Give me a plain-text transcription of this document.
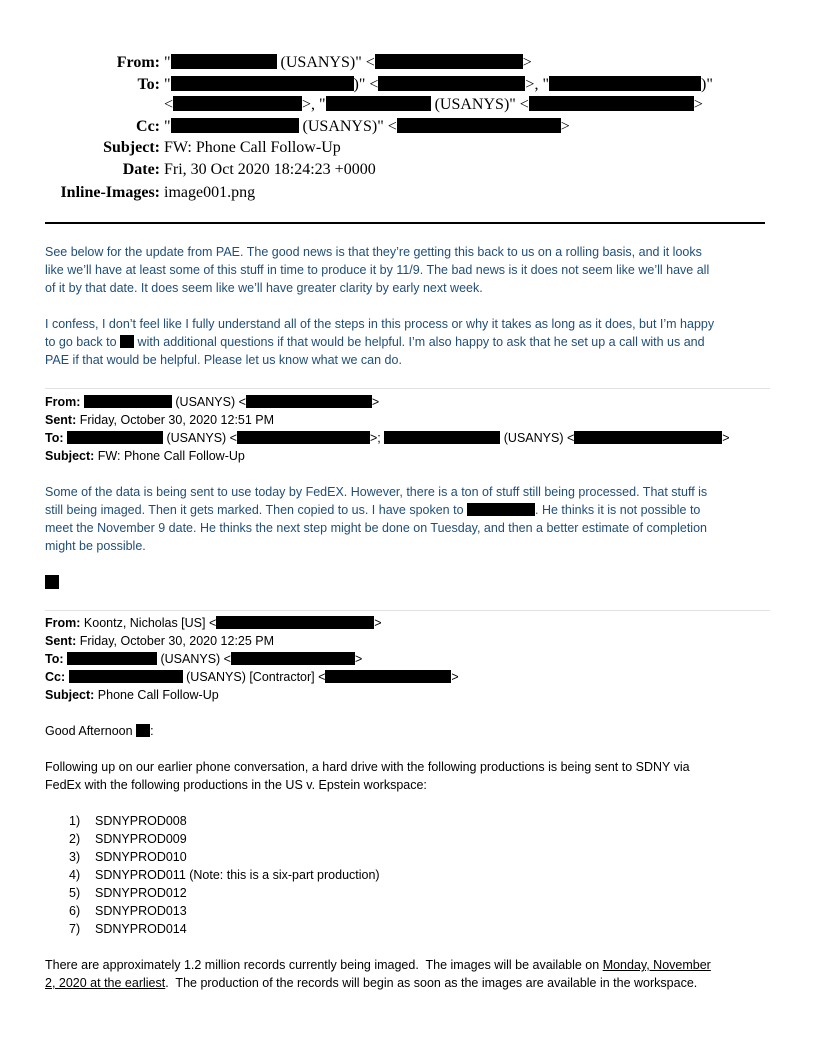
From: "	(USANYS)" <	>
To: "	)" <	>, "	)"
<	>, "	(USANYS)" <	>
Cc: "	(USANYS)" <	>
Subject: FW: Phone Call Follow-Up
Date: Fri, 30 Oct 2020 18:24:23 +0000
Inline-Images: image001.png
See below for the update from PAE. The good news is that they’re getting this back to us on a rolling basis, and it looks
like we’ll have at least some of this stuff in time to produce it by 11/9. The bad news is it does not seem like we’ll have all
of it by that date. It does seem like we’ll have greater clarity by early next week.
I confess, I don’t feel like I fully understand all of the steps in this process or why it takes as long as it does, but I’m happy
to go back to with additional questions if that would be helpful. I’m also happy to ask that he set up a call with us and
PAE if that would be helpful. Please let us know what we can do.
From:	(USANYS) <	>
Sent: Friday, October 30, 2020 12:51 PM
To:	(USANYS) <	>;	(USANYS) <	>
Subject: FW: Phone Call Follow-Up
Some of the data is being sent to use today by FedEX. However, there is a ton of stuff still being processed. That stuff is
still being imaged. Then it gets marked. Then copied to us. I have spoken to	. He thinks it is not possible to
meet the November 9 date. He thinks the next step might be done on Tuesday, and then a better estimate of completion
might be possible.
From: Koontz, Nicholas [US] <	>
Sent: Friday, October 30, 2020 12:25 PM
To:	(USANYS) <	>
Cc:	(USANYS) [Contractor] <	>
Subject: Phone Call Follow-Up
Good Afternoon :
Following up on our earlier phone conversation, a hard drive with the following productions is being sent to SDNY via
FedEx with the following productions in the US v. Epstein workspace:
1) SDNYPROD008
2) SDNYPROD009
3) SDNYPROD010
4) SDNYPROD011 (Note: this is a six-part production)
5) SDNYPROD012
6) SDNYPROD013
7) SDNYPROD014
There are approximately 1.2 million records currently being imaged.  The images will be available on Monday, November
2, 2020 at the earliest.  The production of the records will begin as soon as the images are available in the workspace.
